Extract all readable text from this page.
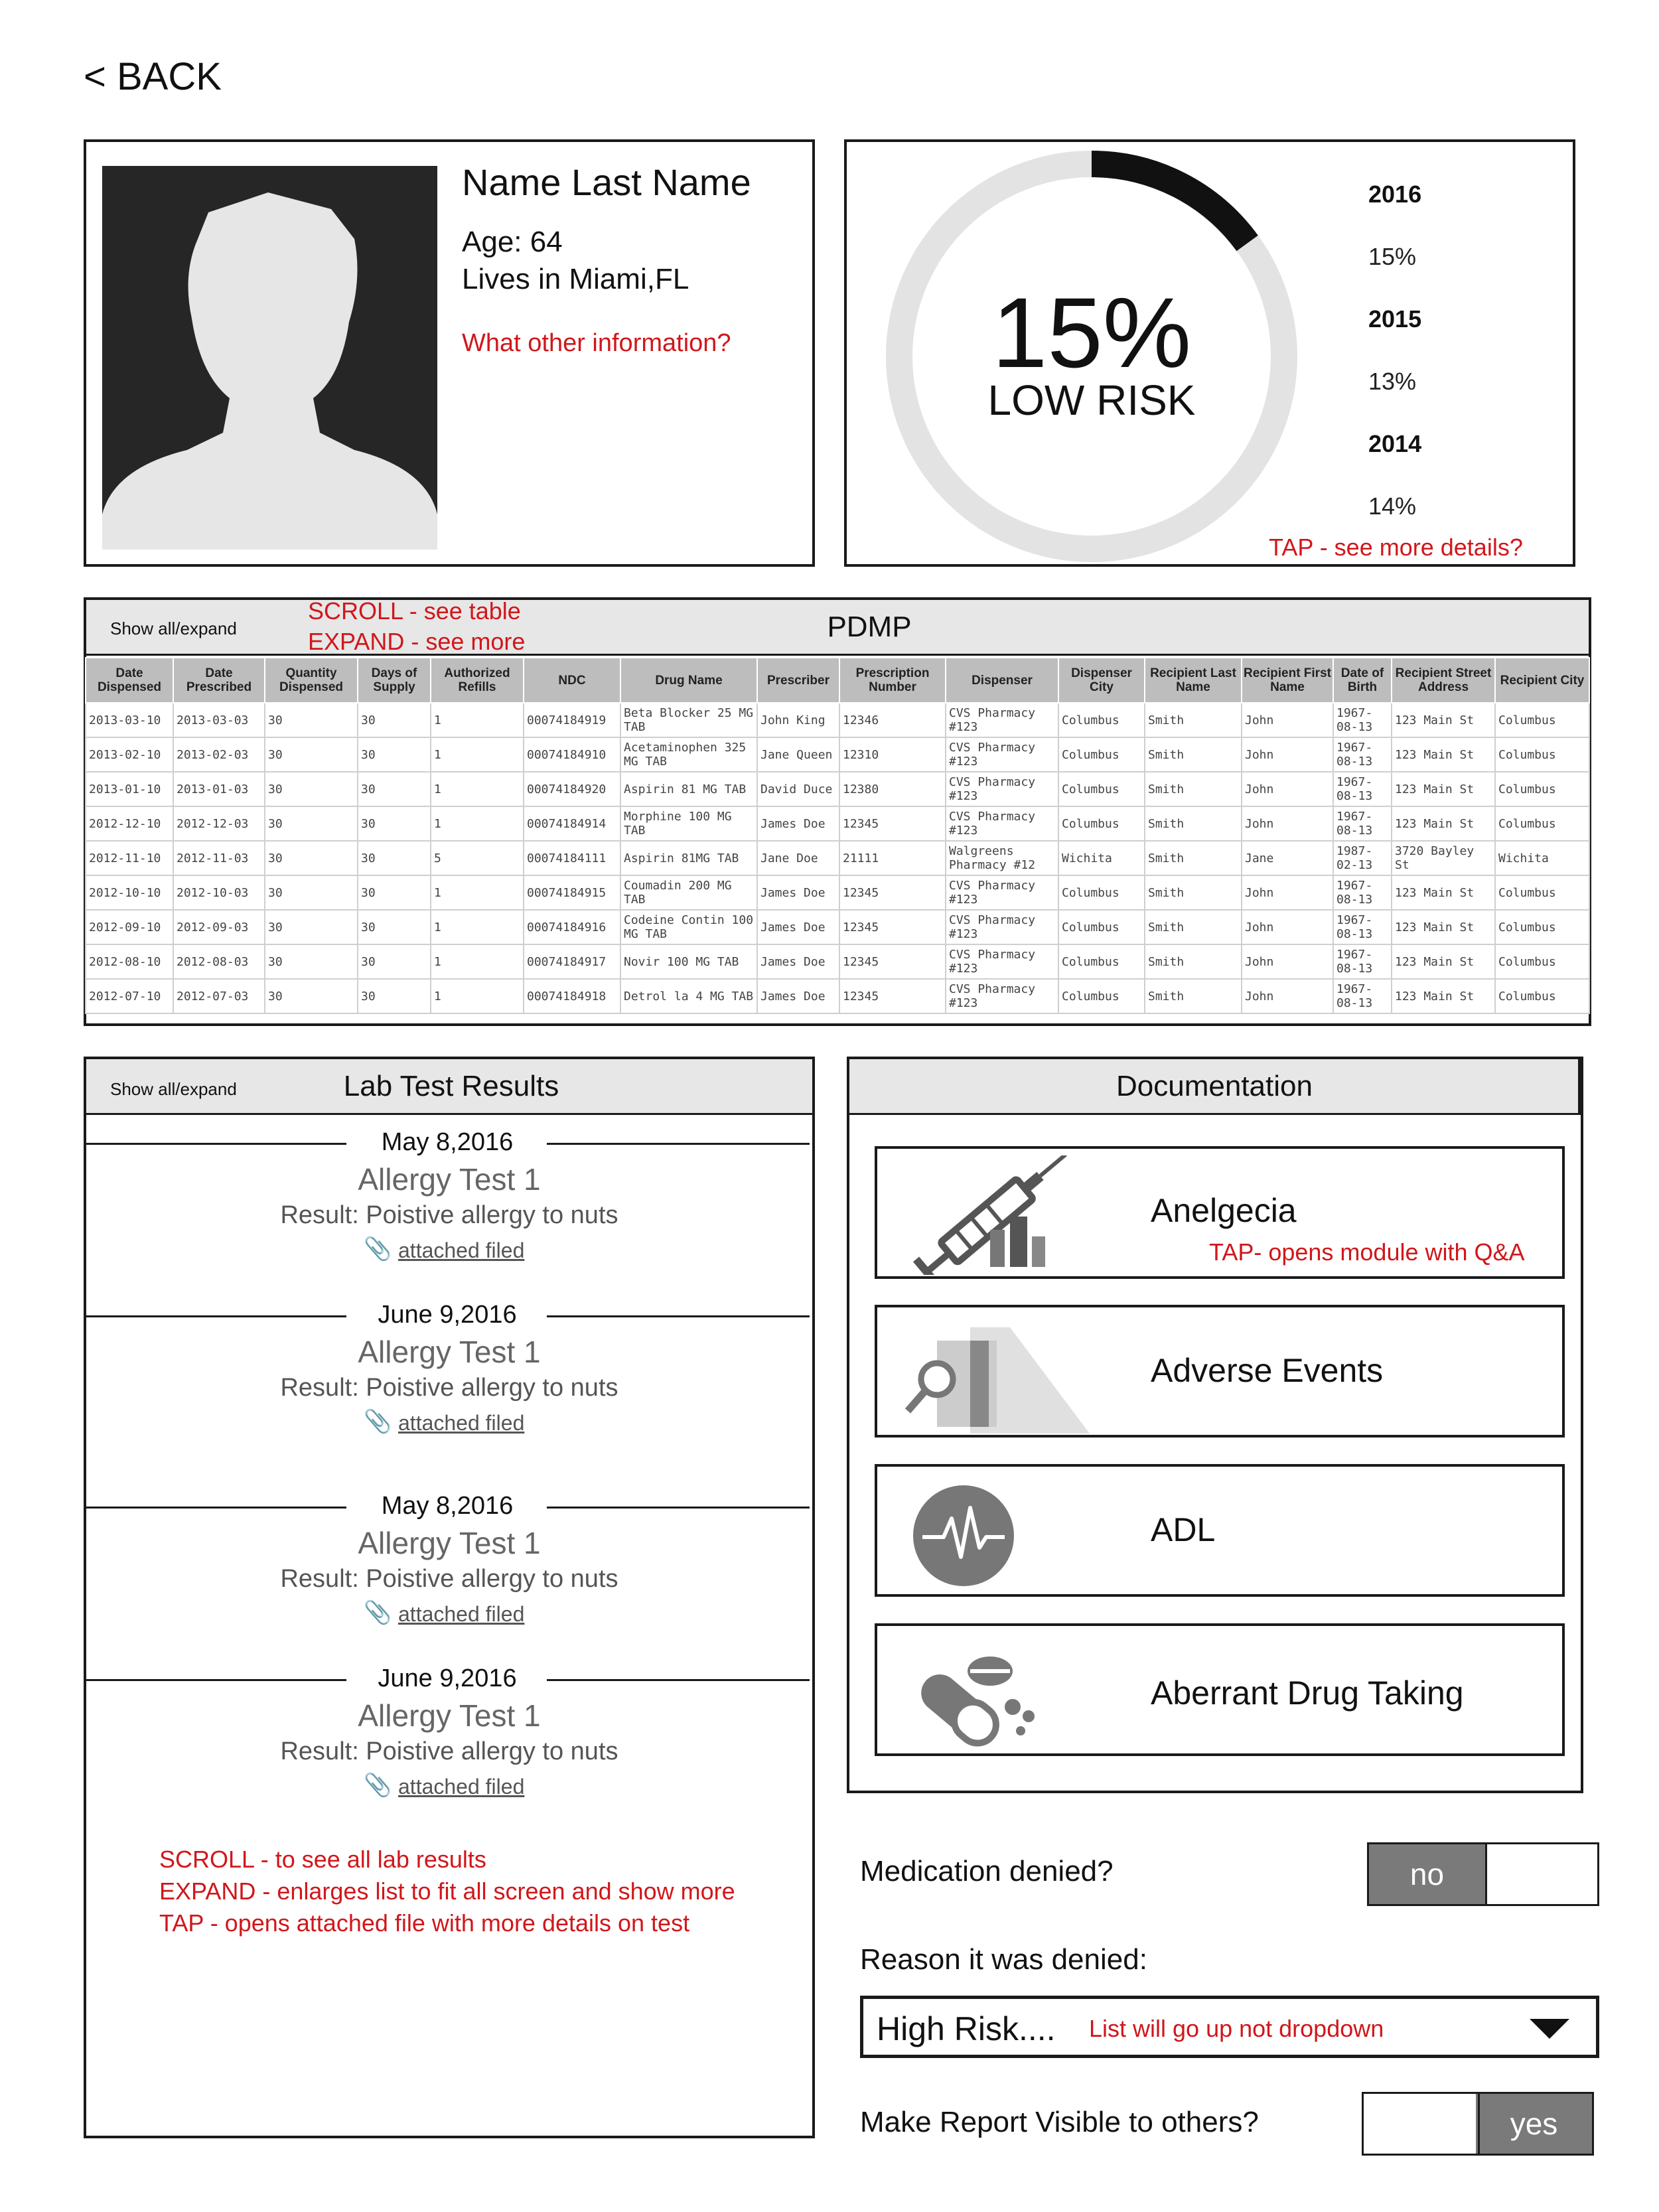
< BACK
Name Last Name
Age: 64
Lives in Miami,FL
What other information?	15%
LOW RISK
2016
15%
2015
13%
2014
14%
TAP - see more details?
Show all/expand
SCROLL - see table
EXPAND - see more	PDMP
Date Dispensed	Date Prescribed	Quantity Dispensed	Days of Supply	Authorized Refills	NDC	Drug Name	Prescriber	Prescription Number	Dispenser	Dispenser City	Recipient Last Name	Recipient First Name	Date of Birth	Recipient Street Address	Recipient City
2013-03-10	2013-03-03	30	30	1	00074184919	Beta Blocker 25 MG TAB	John King	12346	CVS Pharmacy #123	Columbus	Smith	John	1967-08-13	123 Main St	Columbus
2013-02-10	2013-02-03	30	30	1	00074184910	Acetaminophen 325 MG TAB	Jane Queen	12310	CVS Pharmacy #123	Columbus	Smith	John	1967-08-13	123 Main St	Columbus
2013-01-10	2013-01-03	30	30	1	00074184920	Aspirin 81 MG TAB	David Duce	12380	CVS Pharmacy #123	Columbus	Smith	John	1967-08-13	123 Main St	Columbus
2012-12-10	2012-12-03	30	30	1	00074184914	Morphine 100 MG TAB	James Doe	12345	CVS Pharmacy #123	Columbus	Smith	John	1967-08-13	123 Main St	Columbus
2012-11-10	2012-11-03	30	30	5	00074184111	Aspirin 81MG TAB	Jane Doe	21111	Walgreens Pharmacy #12	Wichita	Smith	Jane	1987-02-13	3720 Bayley St	Wichita
2012-10-10	2012-10-03	30	30	1	00074184915	Coumadin 200 MG TAB	James Doe	12345	CVS Pharmacy #123	Columbus	Smith	John	1967-08-13	123 Main St	Columbus
2012-09-10	2012-09-03	30	30	1	00074184916	Codeine Contin 100 MG TAB	James Doe	12345	CVS Pharmacy #123	Columbus	Smith	John	1967-08-13	123 Main St	Columbus
2012-08-10	2012-08-03	30	30	1	00074184917	Novir 100 MG TAB	James Doe	12345	CVS Pharmacy #123	Columbus	Smith	John	1967-08-13	123 Main St	Columbus
2012-07-10	2012-07-03	30	30	1	00074184918	Detrol la 4 MG TAB	James Doe	12345	CVS Pharmacy #123	Columbus	Smith	John	1967-08-13	123 Main St	Columbus
Show all/expand	Lab Test Results
May 8,2016
Allergy Test 1
Result: Poistive allergy to nuts
📎 attached filed
June 9,2016
Allergy Test 1
Result: Poistive allergy to nuts
📎 attached filed
May 8,2016
Allergy Test 1
Result: Poistive allergy to nuts
📎 attached filed
June 9,2016
Allergy Test 1
Result: Poistive allergy to nuts
📎 attached filed
SCROLL - to see all lab results
EXPAND - enlarges list to fit all screen and show more
TAP - opens attached file with more details on test
Documentation
Anelgecia
TAP- opens module with Q&A
Adverse Events
ADL
Aberrant Drug Taking
Medication denied?	no
Reason it was denied:
High Risk.... List will go up not dropdown
Make Report Visible to others?	yes
